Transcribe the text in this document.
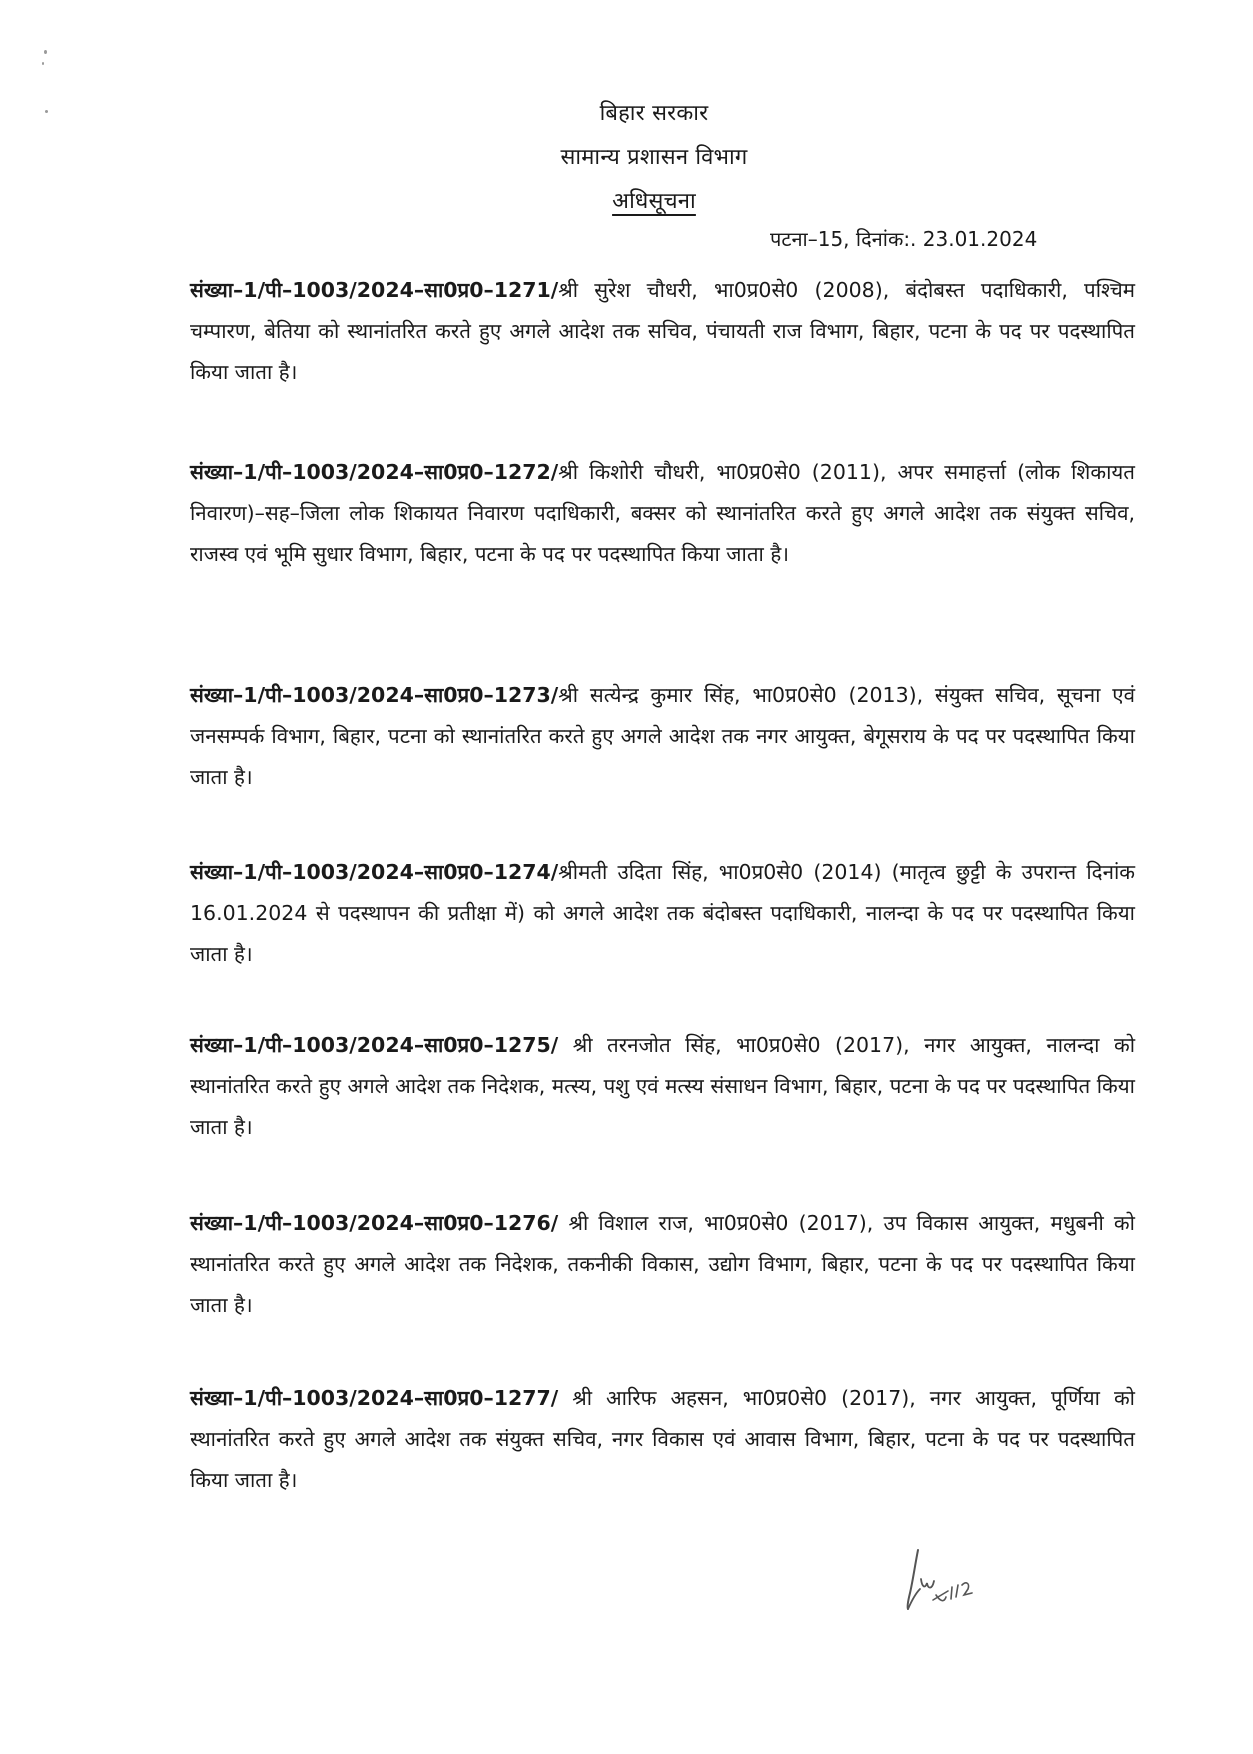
बिहार सरकार
सामान्य प्रशासन विभाग
अधिसूचना
पटना–15, दिनांक:. 23.01.2024
संख्या–1/पी–1003/2024–सा0प्र0–1271/श्री सुरेश चौधरी, भा0प्र0से0 (2008), बंदोबस्त पदाधिकारी, पश्चिम चम्पारण, बेतिया को स्थानांतरित करते हुए अगले आदेश तक सचिव, पंचायती राज विभाग, बिहार, पटना के पद पर पदस्थापित किया जाता है।
संख्या–1/पी–1003/2024–सा0प्र0–1272/श्री किशोरी चौधरी, भा0प्र0से0 (2011), अपर समाहर्त्ता (लोक शिकायत निवारण)–सह–जिला लोक शिकायत निवारण पदाधिकारी, बक्सर को स्थानांतरित करते हुए अगले आदेश तक संयुक्त सचिव, राजस्व एवं भूमि सुधार विभाग, बिहार, पटना के पद पर पदस्थापित किया जाता है।
संख्या–1/पी–1003/2024–सा0प्र0–1273/श्री सत्येन्द्र कुमार सिंह, भा0प्र0से0 (2013), संयुक्त सचिव, सूचना एवं जनसम्पर्क विभाग, बिहार, पटना को स्थानांतरित करते हुए अगले आदेश तक नगर आयुक्त, बेगूसराय के पद पर पदस्थापित किया जाता है।
संख्या–1/पी–1003/2024–सा0प्र0–1274/श्रीमती उदिता सिंह, भा0प्र0से0 (2014) (मातृत्व छुट्टी के उपरान्त दिनांक 16.01.2024 से पदस्थापन की प्रतीक्षा में) को अगले आदेश तक बंदोबस्त पदाधिकारी, नालन्दा के पद पर पदस्थापित किया जाता है।
संख्या–1/पी–1003/2024–सा0प्र0–1275/ श्री तरनजोत सिंह, भा0प्र0से0 (2017), नगर आयुक्त, नालन्दा को स्थानांतरित करते हुए अगले आदेश तक निदेशक, मत्स्य, पशु एवं मत्स्य संसाधन विभाग, बिहार, पटना के पद पर पदस्थापित किया जाता है।
संख्या–1/पी–1003/2024–सा0प्र0–1276/ श्री विशाल राज, भा0प्र0से0 (2017), उप विकास आयुक्त, मधुबनी को स्थानांतरित करते हुए अगले आदेश तक निदेशक, तकनीकी विकास, उद्योग विभाग, बिहार, पटना के पद पर पदस्थापित किया जाता है।
संख्या–1/पी–1003/2024–सा0प्र0–1277/ श्री आरिफ अहसन, भा0प्र0से0 (2017), नगर आयुक्त, पूर्णिया को स्थानांतरित करते हुए अगले आदेश तक संयुक्त सचिव, नगर विकास एवं आवास विभाग, बिहार, पटना के पद पर पदस्थापित किया जाता है।
